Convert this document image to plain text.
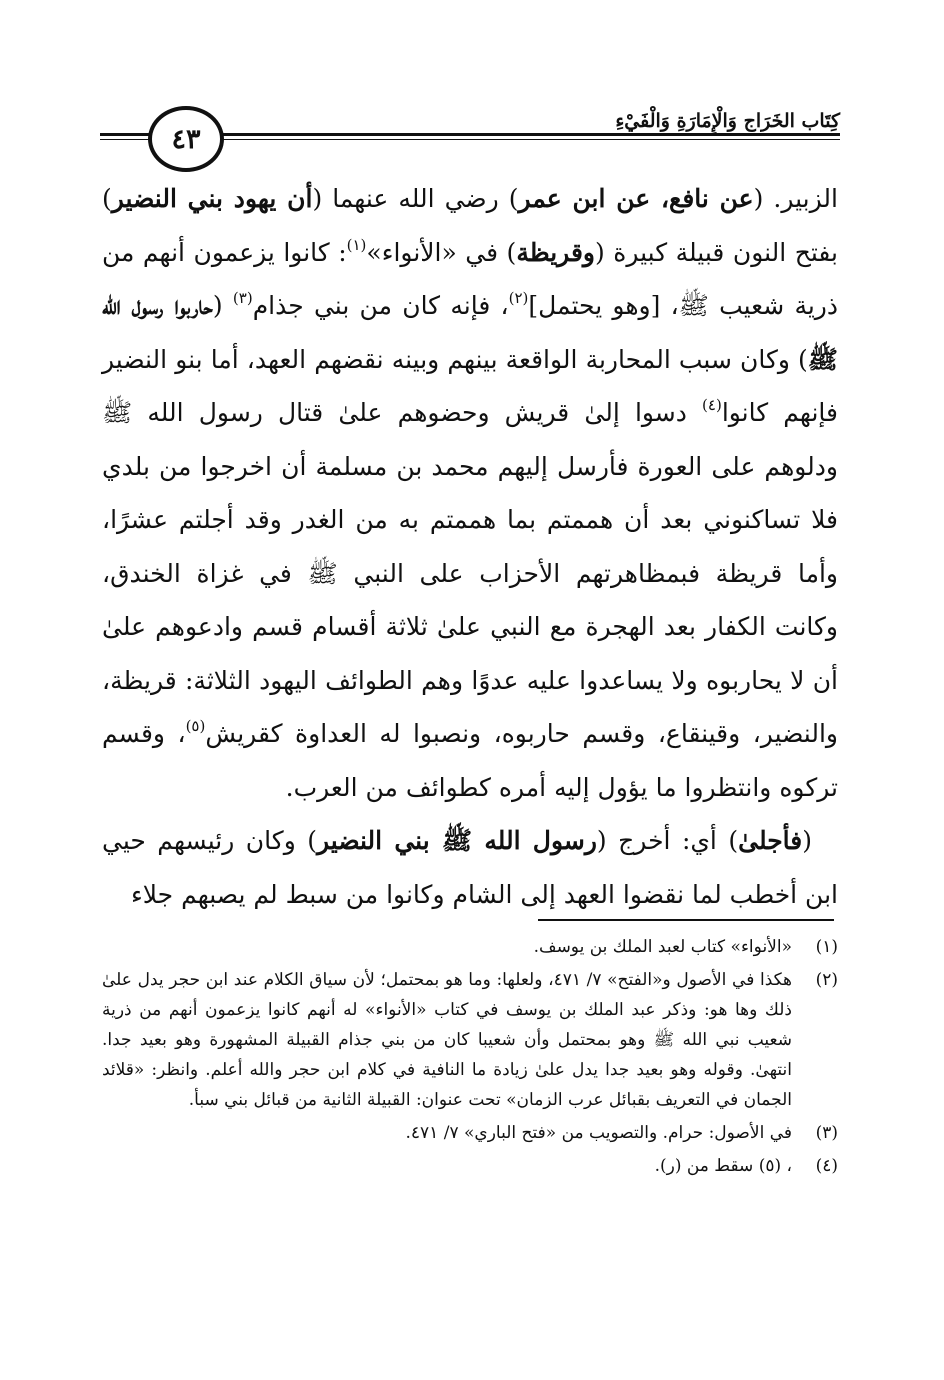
٤٣
كِتَاب الخَرَاجِ وَالْإِمَارَةِ وَالْفَيْءِ

الزبير. (عن نافع، عن ابن عمر) رضي الله عنهما (أن يهود بني النضير) بفتح النون قبيلة كبيرة (وقريظة) في «الأنواء»$^{(١)}$: كانوا يزعمون أنهم من ذرية شعيب ﷺ، [وهو يحتمل]$^{(٢)}$، فإنه كان من بني جذام$^{(٣)}$ (حاربوا رسول الله ﷺ) وكان سبب المحاربة الواقعة بينهم وبينه نقضهم العهد، أما بنو النضير فإنهم كانوا$^{(٤)}$ دسوا إلىٰ قريش وحضوهم علىٰ قتال رسول الله ﷺ ودلوهم على العورة فأرسل إليهم محمد بن مسلمة أن اخرجوا من بلدي فلا تساكنوني بعد أن هممتم بما هممتم به من الغدر وقد أجلتم عشرًا، وأما قريظة فبمظاهرتهم الأحزاب على النبي ﷺ في غزاة الخندق، وكانت الكفار بعد الهجرة مع النبي علىٰ ثلاثة أقسام قسم وادعوهم علىٰ أن لا يحاربوه ولا يساعدوا عليه عدوًا وهم الطوائف اليهود الثلاثة: قريظة، والنضير، وقينقاع، وقسم حاربوه، ونصبوا له العداوة كقريش$^{(٥)}$، وقسم تركوه وانتظروا ما يؤول إليه أمره كطوائف من العرب.

(فأجلىٰ) أي: أخرج (رسول الله ﷺ بني النضير) وكان رئيسهم حيي ابن أخطب لما نقضوا العهد إلى الشام وكانوا من سبط لم يصبهم جلاء

(١)
«الأنواء» كتاب لعبد الملك بن يوسف.
(٢)
هكذا في الأصول و«الفتح» ٧/ ٤٧١، ولعلها: وما هو بمحتمل؛ لأن سياق الكلام عند ابن حجر يدل علىٰ ذلك وها هو: وذكر عبد الملك بن يوسف في كتاب «الأنواء» له أنهم كانوا يزعمون أنهم من ذرية شعيب نبي الله ﷺ وهو بمحتمل وأن شعيبا كان من بني جذام القبيلة المشهورة وهو بعيد جدا. انتهىٰ. وقوله وهو بعيد جدا يدل علىٰ زيادة ما النافية في كلام ابن حجر والله أعلم. وانظر: «قلائد الجمان في التعريف بقبائل عرب الزمان» تحت عنوان: القبيلة الثانية من قبائل بني سبأ.
(٣)
في الأصول: حرام. والتصويب من «فتح الباري» ٧/ ٤٧١.
(٤)
، (٥) سقط من (ر).
